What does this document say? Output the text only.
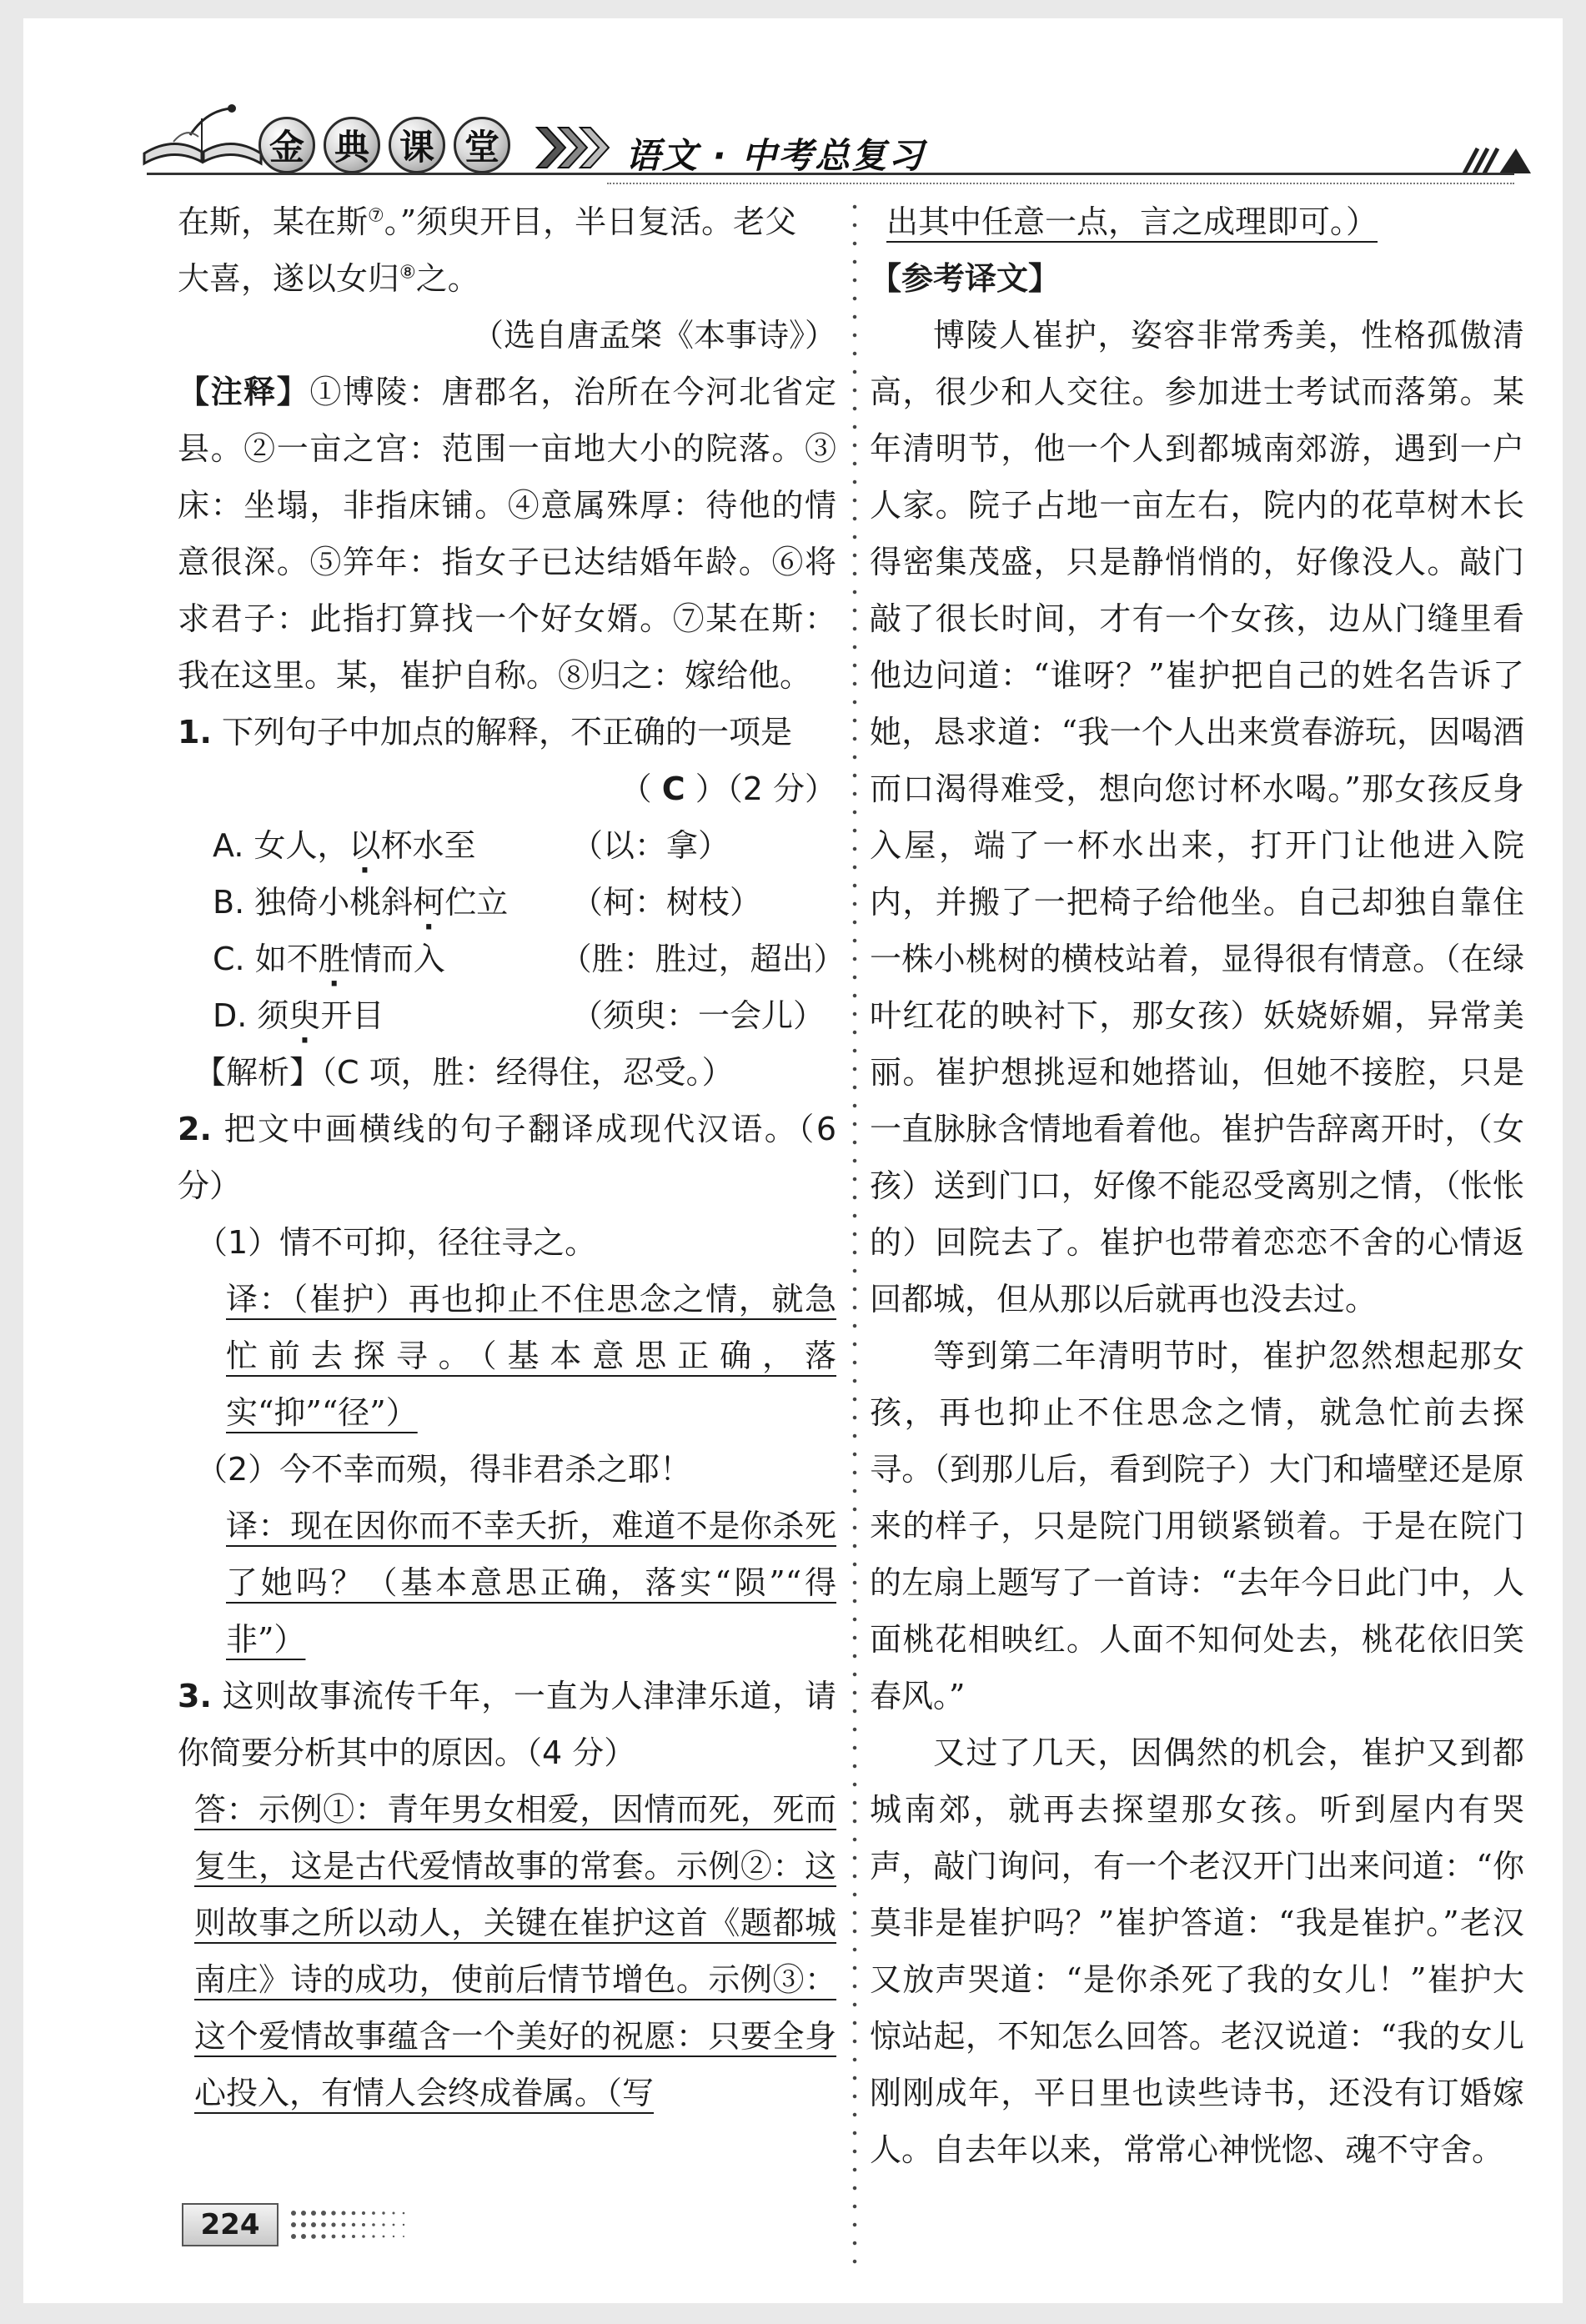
金 典 课 堂	语文 · 中考总复习

在斯，某在斯⑦。”须臾开目，半日复活。老父
大喜，遂以女归⑧之。

（选自唐孟棨《本事诗》）

【注释】①博陵：唐郡名，治所在今河北省定县。②一亩之宫：范围一亩地大小的院落。③床：坐塌，非指床铺。④意属殊厚：待他的情意很深。⑤笄年：指女子已达结婚年龄。⑥将求君子：此指打算找一个好女婿。⑦某在斯：我在这里。某，崔护自称。⑧归之：嫁给他。

1. 下列句子中加点的解释，不正确的一项是

（ C ）（2 分）

A. 女人，以杯水至	（以：拿）
B. 独倚小桃斜柯伫立	（柯：树枝）
C. 如不胜情而入	（胜：胜过，超出）
D. 须臾开目	（须臾：一会儿）

【解析】（C 项，胜：经得住，忍受。）

2. 把文中画横线的句子翻译成现代汉语。（6 分）

（1）情不可抑，径往寻之。

译：（崔护）再也抑止不住思念之情，就急忙前去探寻。（基本意思正确，落实“抑”“径”）

（2）今不幸而殒，得非君杀之耶！

译：现在因你而不幸夭折，难道不是你杀死了她吗？（基本意思正确，落实“陨”“得非”）

3. 这则故事流传千年，一直为人津津乐道，请你简要分析其中的原因。（4 分）

答：示例①：青年男女相爱，因情而死，死而复生，这是古代爱情故事的常套。示例②：这则故事之所以动人，关键在崔护这首《题都城南庄》诗的成功，使前后情节增色。示例③：这个爱情故事蕴含一个美好的祝愿：只要全身心投入，有情人会终成眷属。（写

出其中任意一点，言之成理即可。）

【参考译文】

博陵人崔护，姿容非常秀美，性格孤傲清高，很少和人交往。参加进士考试而落第。某年清明节，他一个人到都城南郊游，遇到一户人家。院子占地一亩左右，院内的花草树木长得密集茂盛，只是静悄悄的，好像没人。敲门敲了很长时间，才有一个女孩，边从门缝里看他边问道：“谁呀？”崔护把自己的姓名告诉了她，恳求道：“我一个人出来赏春游玩，因喝酒而口渴得难受，想向您讨杯水喝。”那女孩反身入屋，端了一杯水出来，打开门让他进入院内，并搬了一把椅子给他坐。自己却独自靠住一株小桃树的横枝站着，显得很有情意。（在绿叶红花的映衬下，那女孩）妖娆娇媚，异常美丽。崔护想挑逗和她搭讪，但她不接腔，只是一直脉脉含情地看着他。崔护告辞离开时，（女孩）送到门口，好像不能忍受离别之情，（怅怅的）回院去了。崔护也带着恋恋不舍的心情返回都城，但从那以后就再也没去过。

等到第二年清明节时，崔护忽然想起那女孩，再也抑止不住思念之情，就急忙前去探寻。（到那儿后，看到院子）大门和墙壁还是原来的样子，只是院门用锁紧锁着。于是在院门的左扇上题写了一首诗：“去年今日此门中，人面桃花相映红。人面不知何处去，桃花依旧笑春风。”

又过了几天，因偶然的机会，崔护又到都城南郊，就再去探望那女孩。听到屋内有哭声，敲门询问，有一个老汉开门出来问道：“你莫非是崔护吗？”崔护答道：“我是崔护。”老汉又放声哭道：“是你杀死了我的女儿！”崔护大惊站起，不知怎么回答。老汉说道：“我的女儿刚刚成年，平日里也读些诗书，还没有订婚嫁人。自去年以来，常常心神恍惚、魂不守舍。

224
